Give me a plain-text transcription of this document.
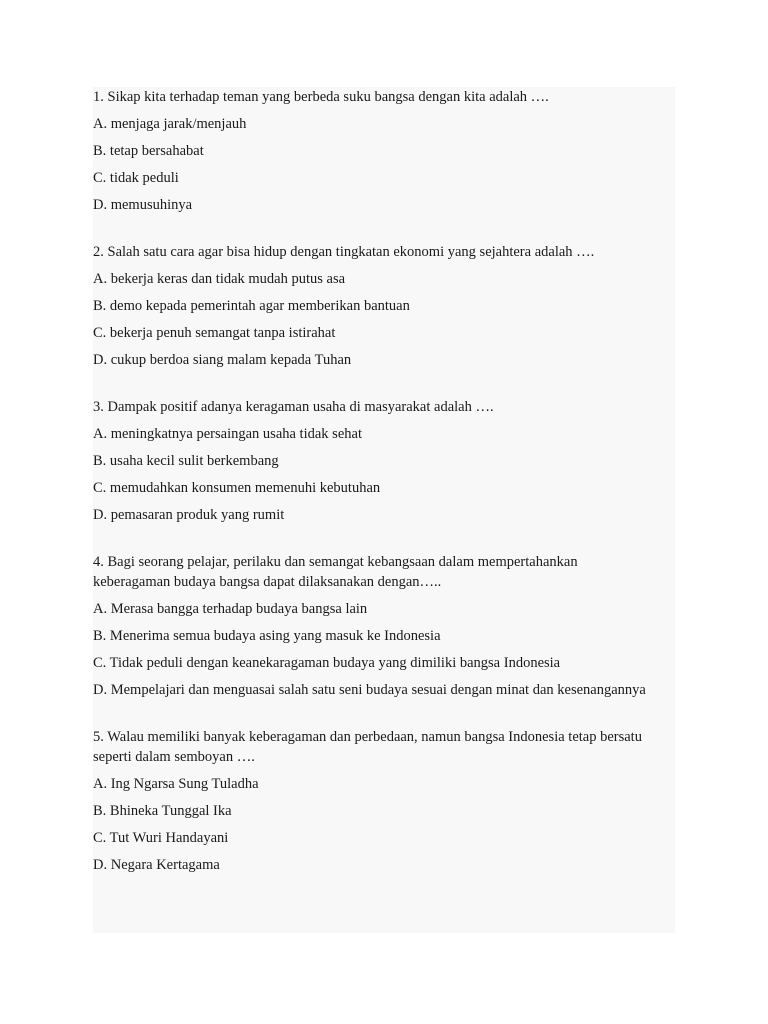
1. Sikap kita terhadap teman yang berbeda suku bangsa dengan kita adalah ….

A. menjaga jarak/menjauh

B. tetap bersahabat

C. tidak peduli

D. memusuhinya

2. Salah satu cara agar bisa hidup dengan tingkatan ekonomi yang sejahtera adalah ….

A. bekerja keras dan tidak mudah putus asa

B. demo kepada pemerintah agar memberikan bantuan

C. bekerja penuh semangat tanpa istirahat

D. cukup berdoa siang malam kepada Tuhan

3. Dampak positif adanya keragaman usaha di masyarakat adalah ….

A. meningkatnya persaingan usaha tidak sehat

B. usaha kecil sulit berkembang

C. memudahkan konsumen memenuhi kebutuhan

D. pemasaran produk yang rumit

4. Bagi seorang pelajar, perilaku dan semangat kebangsaan dalam mempertahankan keberagaman budaya bangsa dapat dilaksanakan dengan…..

A. Merasa bangga terhadap budaya bangsa lain

B. Menerima semua budaya asing yang masuk ke Indonesia

C. Tidak peduli dengan keanekaragaman budaya yang dimiliki bangsa Indonesia

D. Mempelajari dan menguasai salah satu seni budaya sesuai dengan minat dan kesenangannya

5. Walau memiliki banyak keberagaman dan perbedaan, namun bangsa Indonesia tetap bersatu seperti dalam semboyan ….

A. Ing Ngarsa Sung Tuladha

B. Bhineka Tunggal Ika

C. Tut Wuri Handayani

D. Negara Kertagama
